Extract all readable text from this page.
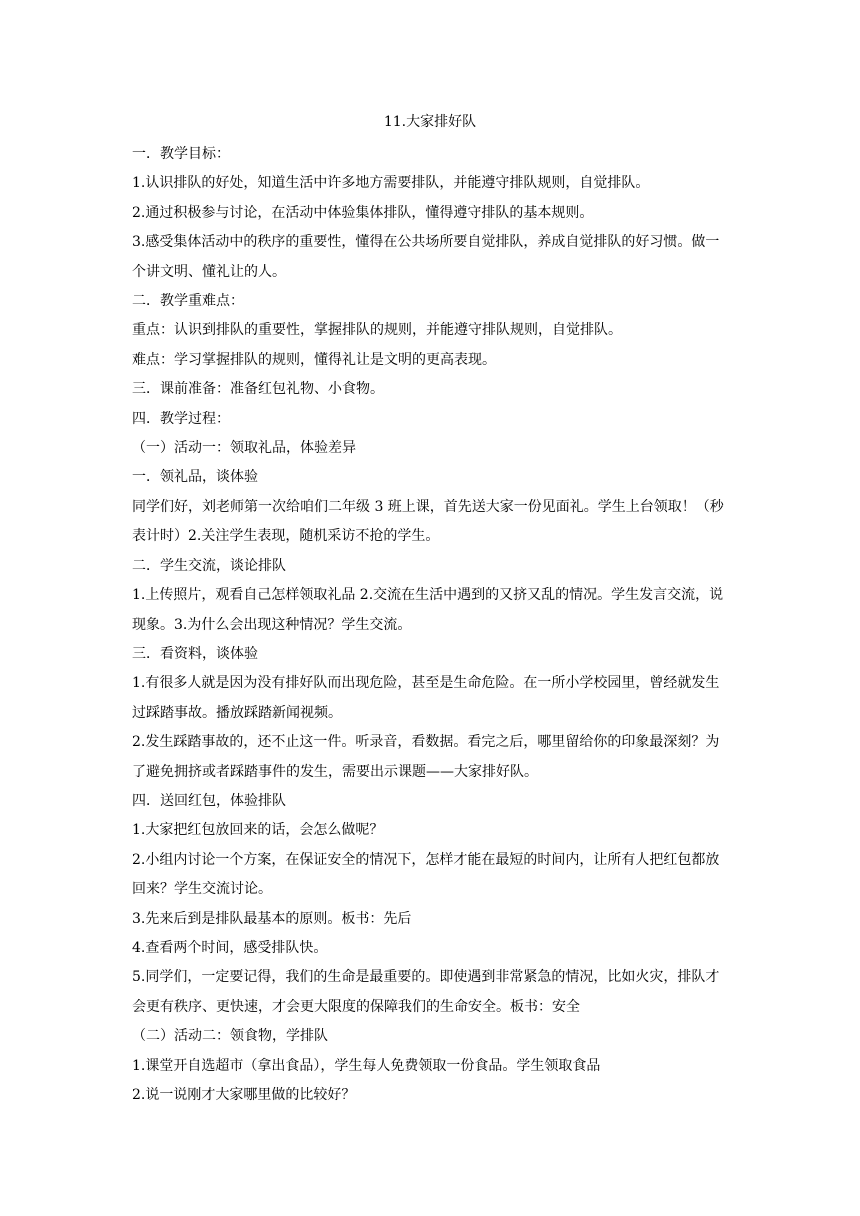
11.大家排好队

一．教学目标：

1.认识排队的好处，知道生活中许多地方需要排队，并能遵守排队规则，自觉排队。

2.通过积极参与讨论，在活动中体验集体排队，懂得遵守排队的基本规则。

3.感受集体活动中的秩序的重要性，懂得在公共场所要自觉排队，养成自觉排队的好习惯。做一个讲文明、懂礼让的人。

二．教学重难点：

重点：认识到排队的重要性，掌握排队的规则，并能遵守排队规则，自觉排队。

难点：学习掌握排队的规则，懂得礼让是文明的更高表现。

三．课前准备：准备红包礼物、小食物。

四．教学过程：

（一）活动一：领取礼品，体验差异

一．领礼品，谈体验

同学们好，刘老师第一次给咱们二年级 3 班上课，首先送大家一份见面礼。学生上台领取！（秒表计时）2.关注学生表现，随机采访不抢的学生。

二．学生交流，谈论排队

1.上传照片，观看自己怎样领取礼品 2.交流在生活中遇到的又挤又乱的情况。学生发言交流，说现象。3.为什么会出现这种情况？学生交流。

三．看资料，谈体验

1.有很多人就是因为没有排好队而出现危险，甚至是生命危险。在一所小学校园里，曾经就发生过踩踏事故。播放踩踏新闻视频。

2.发生踩踏事故的，还不止这一件。听录音，看数据。看完之后，哪里留给你的印象最深刻？为了避免拥挤或者踩踏事件的发生，需要出示课题——大家排好队。

四．送回红包，体验排队

1.大家把红包放回来的话，会怎么做呢？

2.小组内讨论一个方案，在保证安全的情况下，怎样才能在最短的时间内，让所有人把红包都放回来？学生交流讨论。

3.先来后到是排队最基本的原则。板书：先后

4.查看两个时间，感受排队快。

5.同学们，一定要记得，我们的生命是最重要的。即使遇到非常紧急的情况，比如火灾，排队才会更有秩序、更快速，才会更大限度的保障我们的生命安全。板书：安全

（二）活动二：领食物，学排队

1.课堂开自选超市（拿出食品），学生每人免费领取一份食品。学生领取食品

2.说一说刚才大家哪里做的比较好？
